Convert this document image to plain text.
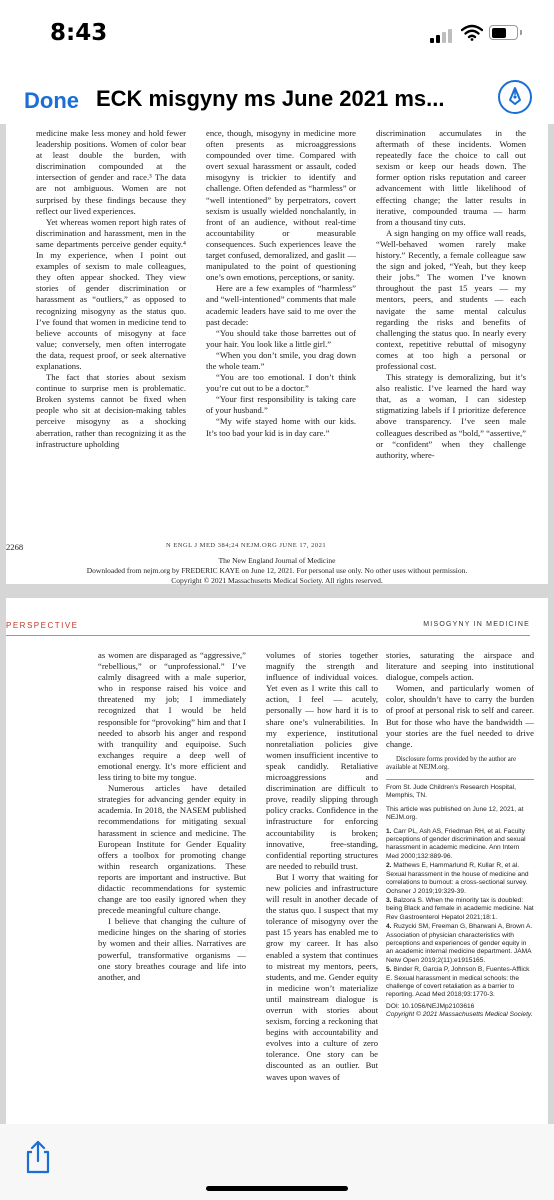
8:43
Done ECK misgyny ms June 2021 ms...

medicine make less money and hold fewer leadership positions. Women of color bear at least double the burden, with discrimination compounded at the intersection of gender and race.³ The data are not ambiguous. Women are not surprised by these findings because they reflect our lived experiences.

Yet whereas women report high rates of discrimination and harassment, men in the same departments perceive gender equity.⁴ In my experience, when I point out examples of sexism to male colleagues, they often appear shocked. They view stories of gender discrimination or harassment as “outliers,” as opposed to recognizing misogyny as the status quo. I’ve found that women in medicine tend to believe accounts of misogyny at face value; conversely, men often interrogate the data, request proof, or seek alternative explanations.

The fact that stories about sexism continue to surprise men is problematic. Broken systems cannot be fixed when people who sit at decision-making tables perceive misogyny as a shocking aberration, rather than recognizing it as the infrastructure upholding

ence, though, misogyny in medicine more often presents as microaggressions compounded over time. Compared with overt sexual harassment or assault, coded misogyny is trickier to identify and challenge. Often defended as “harmless” or “well intentioned” by perpetrators, covert sexism is usually wielded nonchalantly, in front of an audience, without real-time accountability or measurable consequences. Such experiences leave the target confused, demoralized, and gaslit — manipulated to the point of questioning one’s own emotions, perceptions, or sanity.

Here are a few examples of “harmless” and “well-intentioned” comments that male academic leaders have said to me over the past decade:

“You should take those barrettes out of your hair. You look like a little girl.”

“When you don’t smile, you drag down the whole team.”

“You are too emotional. I don’t think you’re cut out to be a doctor.”

“Your first responsibility is taking care of your husband.”

“My wife stayed home with our kids. It’s too bad your kid is in day care.”

discrimination accumulates in the aftermath of these incidents. Women repeatedly face the choice to call out sexism or keep our heads down. The former option risks reputation and career advancement with little likelihood of effecting change; the latter results in iterative, compounded trauma — harm from a thousand tiny cuts.

A sign hanging on my office wall reads, “Well-behaved women rarely make history.” Recently, a female colleague saw the sign and joked, “Yeah, but they keep their jobs.” The women I’ve known throughout the past 15 years — my mentors, peers, and students — each navigate the same mental calculus regarding the risks and benefits of challenging the status quo. In nearly every context, repetitive rebuttal of misogyny comes at too high a personal or professional cost.

This strategy is demoralizing, but it’s also realistic. I’ve learned the hard way that, as a woman, I can sidestep stigmatizing labels if I prioritize deference above transparency. I’ve seen male colleagues described as “bold,” “assertive,” or “confident” when they challenge authority, where-

2268	N ENGL J MED 384;24 NEJM.ORG JUNE 17, 2021
The New England Journal of Medicine
Downloaded from nejm.org by FREDERIC KAYE on June 12, 2021. For personal use only. No other uses without permission.
Copyright © 2021 Massachusetts Medical Society. All rights reserved.
PERSPECTIVE	MISOGYNY IN MEDICINE

as women are disparaged as “aggressive,” “rebellious,” or “unprofessional.” I’ve calmly disagreed with a male superior, who in response raised his voice and threatened my job; I immediately recognized that I would be held responsible for “provoking” him and that I needed to absorb his anger and respond with tranquility and equipoise. Such exchanges require a deep well of emotional energy. It’s more efficient and less tiring to bite my tongue.

Numerous articles have detailed strategies for advancing gender equity in academia. In 2018, the NASEM published recommendations for mitigating sexual harassment in science and medicine. The European Institute for Gender Equality offers a toolbox for promoting change within research organizations. These reports are important and instructive. But didactic recommendations for systemic change are too easily ignored when they precede meaningful culture change.

I believe that changing the culture of medicine hinges on the sharing of stories by women and their allies. Narratives are powerful, transformative organisms — one story breathes courage and life into another, and

volumes of stories together magnify the strength and influence of individual voices. Yet even as I write this call to action, I feel — acutely, personally — how hard it is to share one’s vulnerabilities. In my experience, institutional nonretaliation policies give women insufficient incentive to speak candidly. Retaliative microaggressions and discrimination are difficult to prove, readily slipping through policy cracks. Confidence in the infrastructure for enforcing accountability is broken; innovative, free-standing, confidential reporting structures are needed to rebuild trust.

But I worry that waiting for new policies and infrastructure will result in another decade of the status quo. I suspect that my tolerance of misogyny over the past 15 years has enabled me to grow my career. It has also enabled a system that continues to mistreat my mentors, peers, students, and me. Gender equity in medicine won’t materialize until mainstream dialogue is overrun with stories about sexism, forcing a reckoning that begins with accountability and evolves into a culture of zero tolerance. One story can be discounted as an outlier. But waves upon waves of

stories, saturating the airspace and literature and seeping into institutional dialogue, compels action.

Women, and particularly women of color, shouldn’t have to carry the burden of proof at personal risk to self and career. But for those who have the bandwidth — your stories are the fuel needed to drive change.

Disclosure forms provided by the author are available at NEJM.org.
From St. Jude Children’s Research Hospital, Memphis, TN.
This article was published on June 12, 2021, at NEJM.org.
1. Carr PL, Ash AS, Friedman RH, et al. Faculty perceptions of gender discrimination and sexual harassment in academic medicine. Ann Intern Med 2000;132:889-96.
2. Mathews E, Hammarlund R, Kullar R, et al. Sexual harassment in the house of medicine and correlations to burnout: a cross-sectional survey. Ochsner J 2019;19:329-39.
3. Balzora S. When the minority tax is doubled: being Black and female in academic medicine. Nat Rev Gastroenterol Hepatol 2021;18:1.
4. Ruzycki SM, Freeman G, Bharwani A, Brown A. Association of physician characteristics with perceptions and experiences of gender equity in an academic internal medicine department. JAMA Netw Open 2019;2(11):e1915165.
5. Binder R, Garcia P, Johnson B, Fuentes-Afflick E. Sexual harassment in medical schools: the challenge of covert retaliation as a barrier to reporting. Acad Med 2018;93:1770-3.
DOI: 10.1056/NEJMp2103616
Copyright © 2021 Massachusetts Medical Society.
